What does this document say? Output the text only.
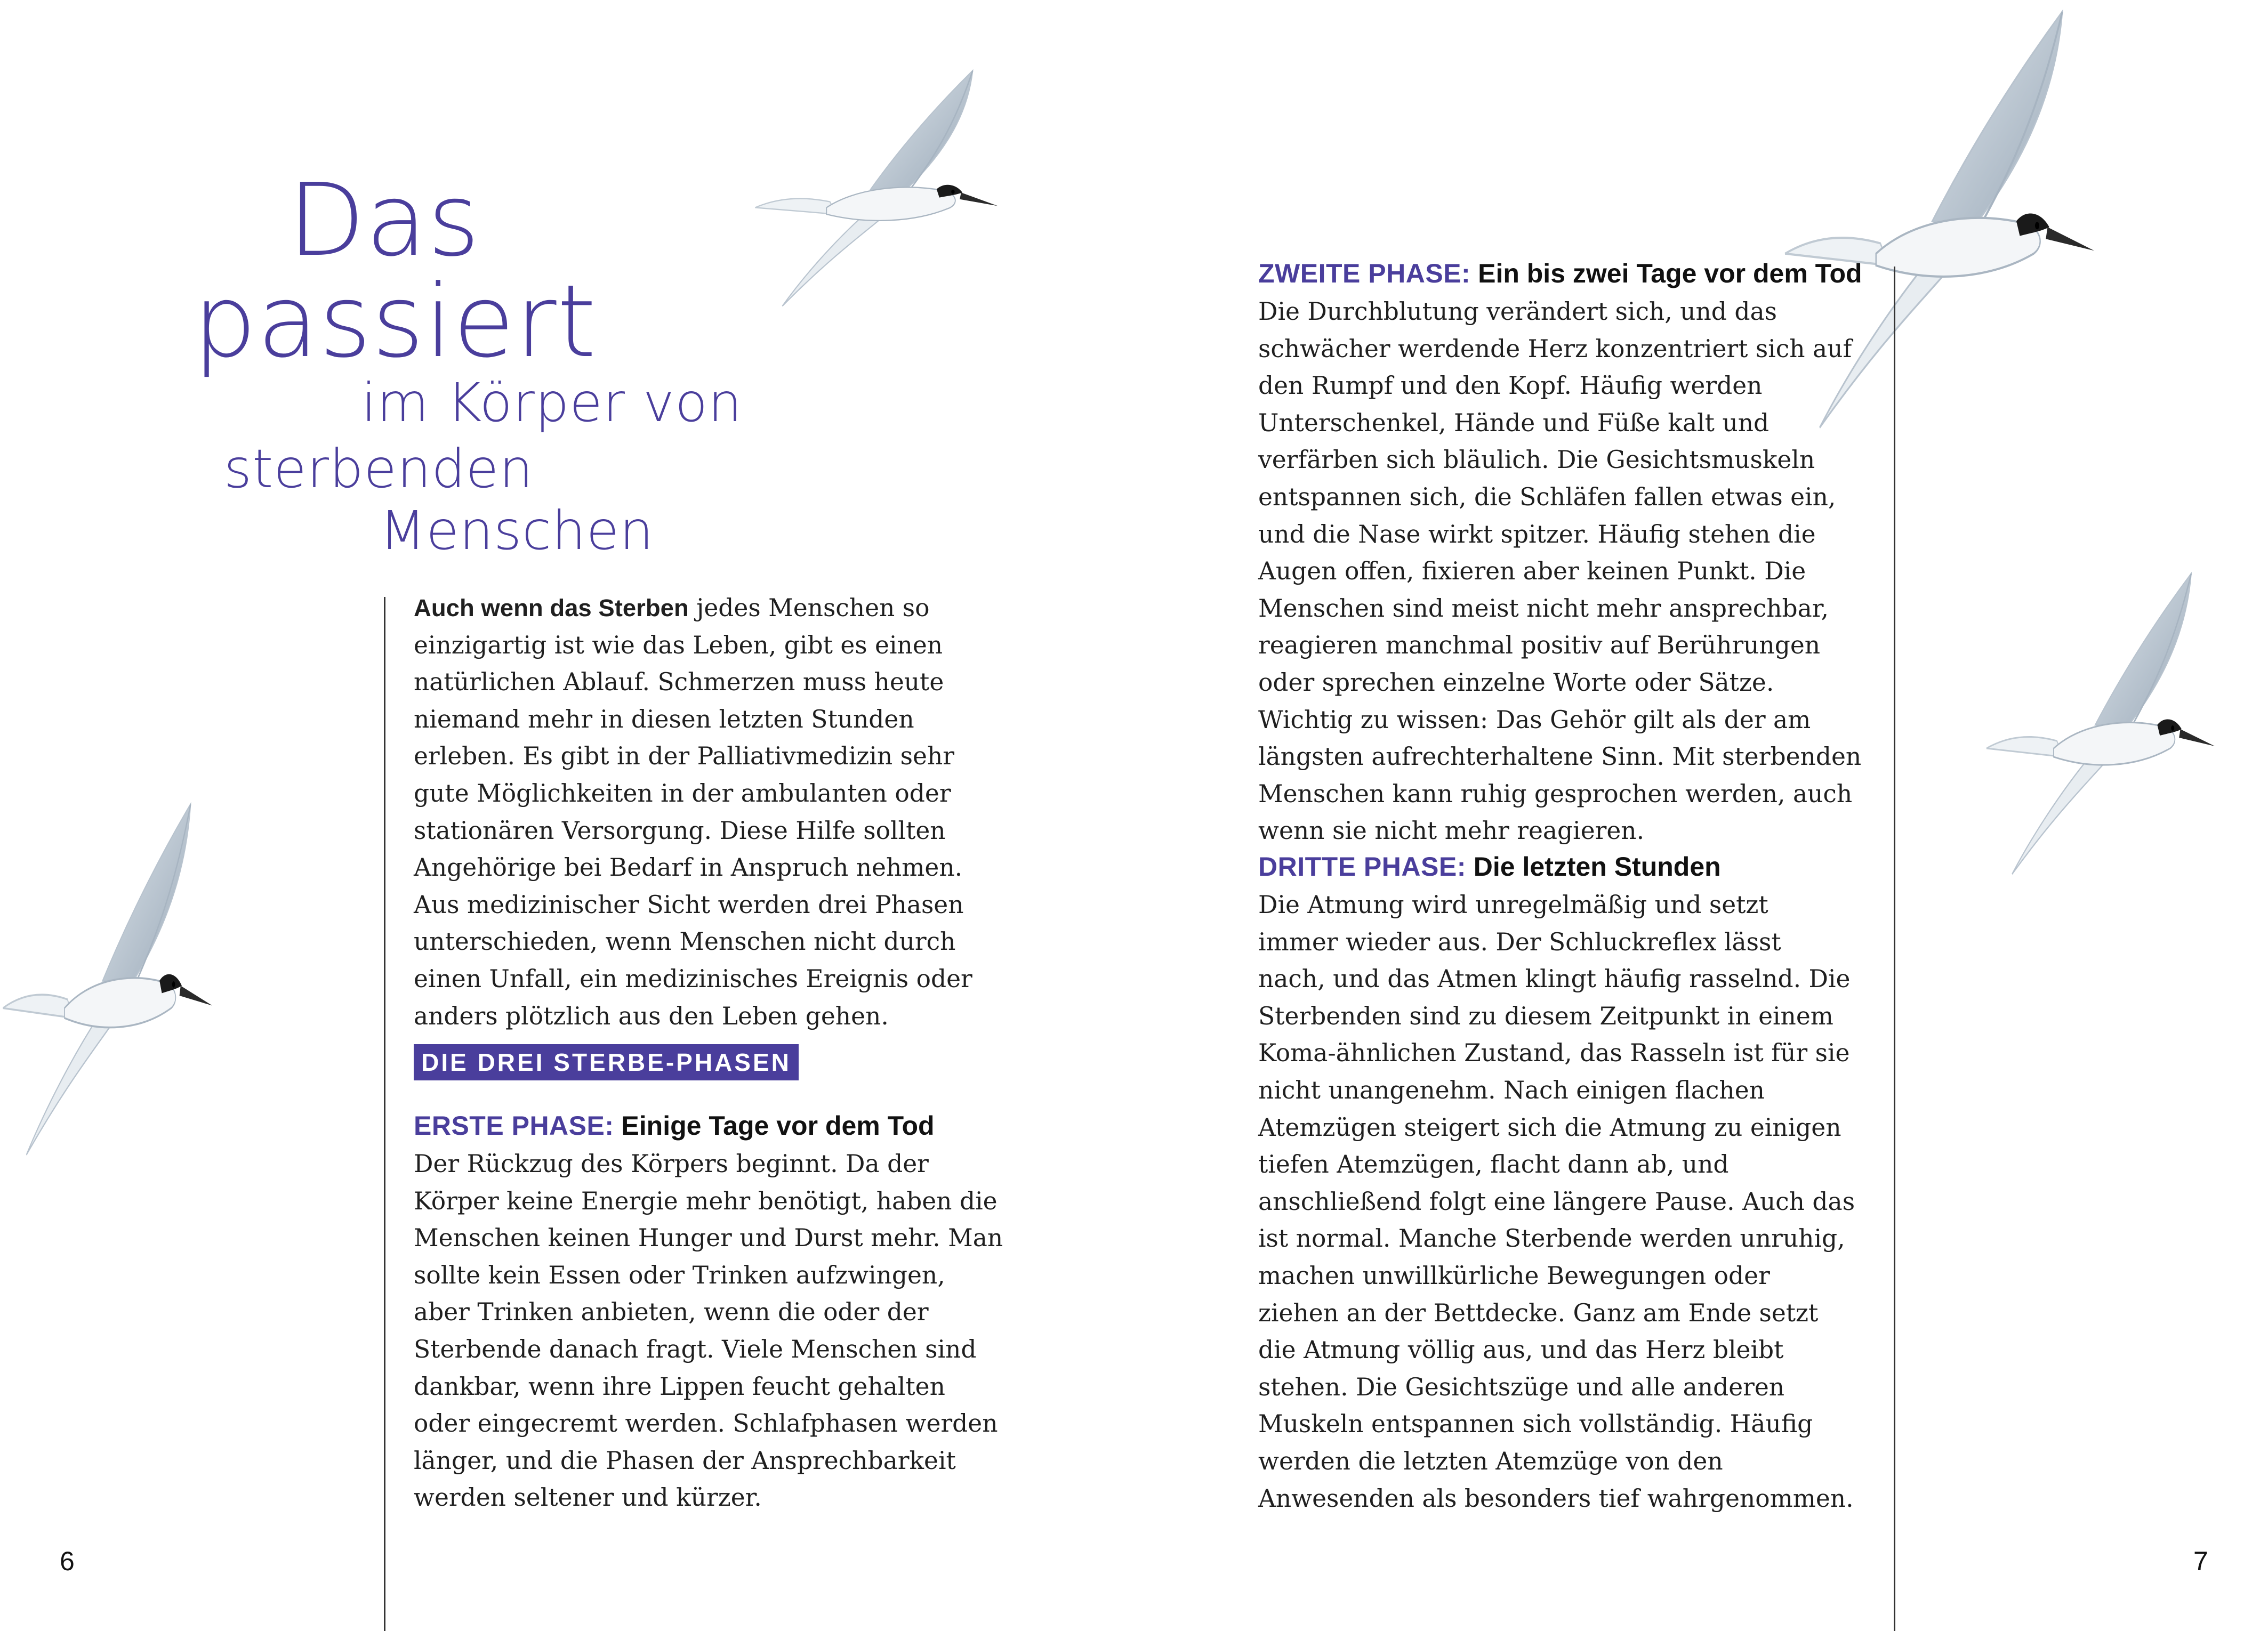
Das
passiert
im Körper von
sterbenden
Menschen

Auch wenn das Sterben jedes Menschen so einzigartig ist wie das Leben, gibt es einen natürlichen Ablauf. Schmerzen muss heute niemand mehr in diesen letzten Stunden erleben. Es gibt in der Palliativmedizin sehr gute Möglichkeiten in der ambulanten oder stationären Versorgung. Diese Hilfe sollten Angehörige bei Bedarf in Anspruch nehmen. Aus medizinischer Sicht werden drei Phasen unterschieden, wenn Menschen nicht durch einen Unfall, ein medizinisches Ereignis oder anders plötzlich aus den Leben gehen.

DIE DREI STERBE-PHASEN

ERSTE PHASE: Einige Tage vor dem Tod

Der Rückzug des Körpers beginnt. Da der Körper keine Energie mehr benötigt, haben die Menschen keinen Hunger und Durst mehr. Man sollte kein Essen oder Trinken aufzwingen, aber Trinken anbieten, wenn die oder der Sterbende danach fragt. Viele Menschen sind dankbar, wenn ihre Lippen feucht gehalten oder eingecremt werden. Schlafphasen werden länger, und die Phasen der Ansprechbarkeit werden seltener und kürzer.

ZWEITE PHASE: Ein bis zwei Tage vor dem Tod

Die Durchblutung verändert sich, und das schwächer werdende Herz konzentriert sich auf den Rumpf und den Kopf. Häufig werden Unterschenkel, Hände und Füße kalt und verfärben sich bläulich. Die Gesichtsmuskeln entspannen sich, die Schläfen fallen etwas ein, und die Nase wirkt spitzer. Häufig stehen die Augen offen, fixieren aber keinen Punkt. Die Menschen sind meist nicht mehr ansprechbar, reagieren manchmal positiv auf Berührungen oder sprechen einzelne Worte oder Sätze. Wichtig zu wissen: Das Gehör gilt als der am längsten aufrechterhaltene Sinn. Mit sterbenden Menschen kann ruhig gesprochen werden, auch wenn sie nicht mehr reagieren.

DRITTE PHASE: Die letzten Stunden

Die Atmung wird unregelmäßig und setzt immer wieder aus. Der Schluckreflex lässt nach, und das Atmen klingt häufig rasselnd. Die Sterbenden sind zu diesem Zeitpunkt in einem Koma-ähnlichen Zustand, das Rasseln ist für sie nicht unangenehm. Nach einigen flachen Atemzügen steigert sich die Atmung zu einigen tiefen Atemzügen, flacht dann ab, und anschließend folgt eine längere Pause. Auch das ist normal. Manche Sterbende werden unruhig, machen unwillkürliche Bewegungen oder ziehen an der Bettdecke. Ganz am Ende setzt die Atmung völlig aus, und das Herz bleibt stehen. Die Gesichtszüge und alle anderen Muskeln entspannen sich vollständig. Häufig werden die letzten Atemzüge von den Anwesenden als besonders tief wahrgenommen.

6	7
